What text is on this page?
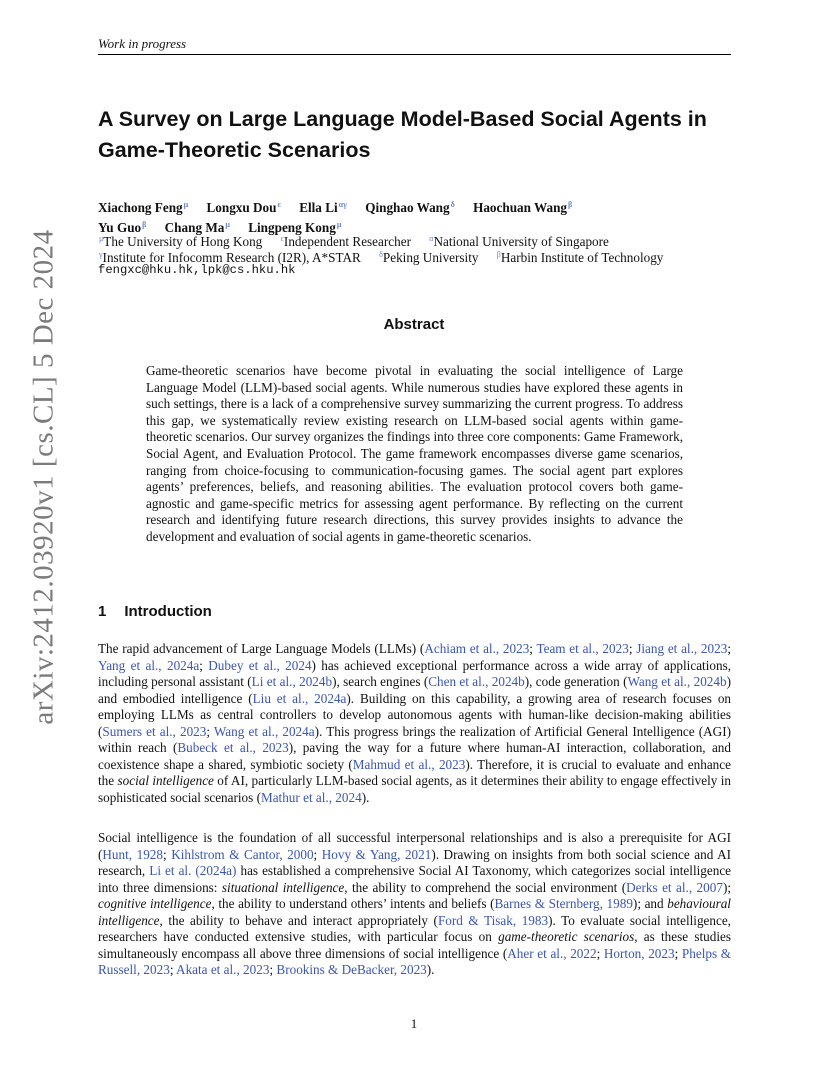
Work in progress
arXiv:2412.03920v1 [cs.CL] 5 Dec 2024
A Survey on Large Language Model-Based Social Agents in Game-Theoretic Scenarios
Xiachong Feng$^\mu$ Longxu Dou$^\varepsilon$ Ella $Li^{\alpha\gamma}$ Qinghao Wang$^\delta$ Haochuan Wang$^\beta$
Yu Guo$^\beta$ Chang $Ma^\mu$ Lingpeng Kong$^\mu$
$^\mu$The University of Hong Kong $^\varepsilon$Independent Researcher $^\alpha$National University of Singapore
$^\gamma$Institute for Infocomm Research (I2R), A*STAR $^\delta$Peking University $^\beta$Harbin Institute of Technology
fengxc@hku.hk,lpk@cs.hku.hk
Abstract
Game-theoretic scenarios have become pivotal in evaluating the social intelligence of Large Language Model (LLM)-based social agents. While numerous studies have explored these agents in such settings, there is a lack of a comprehensive survey summarizing the current progress. To address this gap, we systematically review existing research on LLM-based social agents within game-theoretic scenarios. Our survey organizes the findings into three core components: Game Framework, Social Agent, and Evaluation Protocol. The game framework encompasses diverse game scenarios, ranging from choice-focusing to communication-focusing games. The social agent part explores agents’ preferences, beliefs, and reasoning abilities. The evaluation protocol covers both game-agnostic and game-specific metrics for assessing agent performance. By reflecting on the current research and identifying future research directions, this survey provides insights to advance the development and evaluation of social agents in game-theoretic scenarios.
1 Introduction
The rapid advancement of Large Language Models (LLMs) (Achiam et al., 2023; Team et al., 2023; Jiang et al., 2023; Yang et al., 2024a; Dubey et al., 2024) has achieved exceptional performance across a wide array of applications, including personal assistant (Li et al., 2024b), search engines (Chen et al., 2024b), code generation (Wang et al., 2024b) and embodied intelligence (Liu et al., 2024a). Building on this capability, a growing area of research focuses on employing LLMs as central controllers to develop autonomous agents with human-like decision-making abilities (Sumers et al., 2023; Wang et al., 2024a). This progress brings the realization of Artificial General Intelligence (AGI) within reach (Bubeck et al., 2023), paving the way for a future where human-AI interaction, collaboration, and coexistence shape a shared, symbiotic society (Mahmud et al., 2023). Therefore, it is crucial to evaluate and enhance the social intelligence of AI, particularly LLM-based social agents, as it determines their ability to engage effectively in sophisticated social scenarios (Mathur et al., 2024).
Social intelligence is the foundation of all successful interpersonal relationships and is also a prerequisite for AGI (Hunt, 1928; Kihlstrom & Cantor, 2000; Hovy & Yang, 2021). Drawing on insights from both social science and AI research, Li et al. (2024a) has established a comprehensive Social AI Taxonomy, which categorizes social intelligence into three dimensions: situational intelligence, the ability to comprehend the social environment (Derks et al., 2007); cognitive intelligence, the ability to understand others’ intents and beliefs (Barnes & Sternberg, 1989); and behavioural intelligence, the ability to behave and interact appropriately (Ford & Tisak, 1983). To evaluate social intelligence, researchers have conducted extensive studies, with particular focus on game-theoretic scenarios, as these studies simultaneously encompass all above three dimensions of social intelligence (Aher et al., 2022; Horton, 2023; Phelps & Russell, 2023; Akata et al., 2023; Brookins & DeBacker, 2023).
1
